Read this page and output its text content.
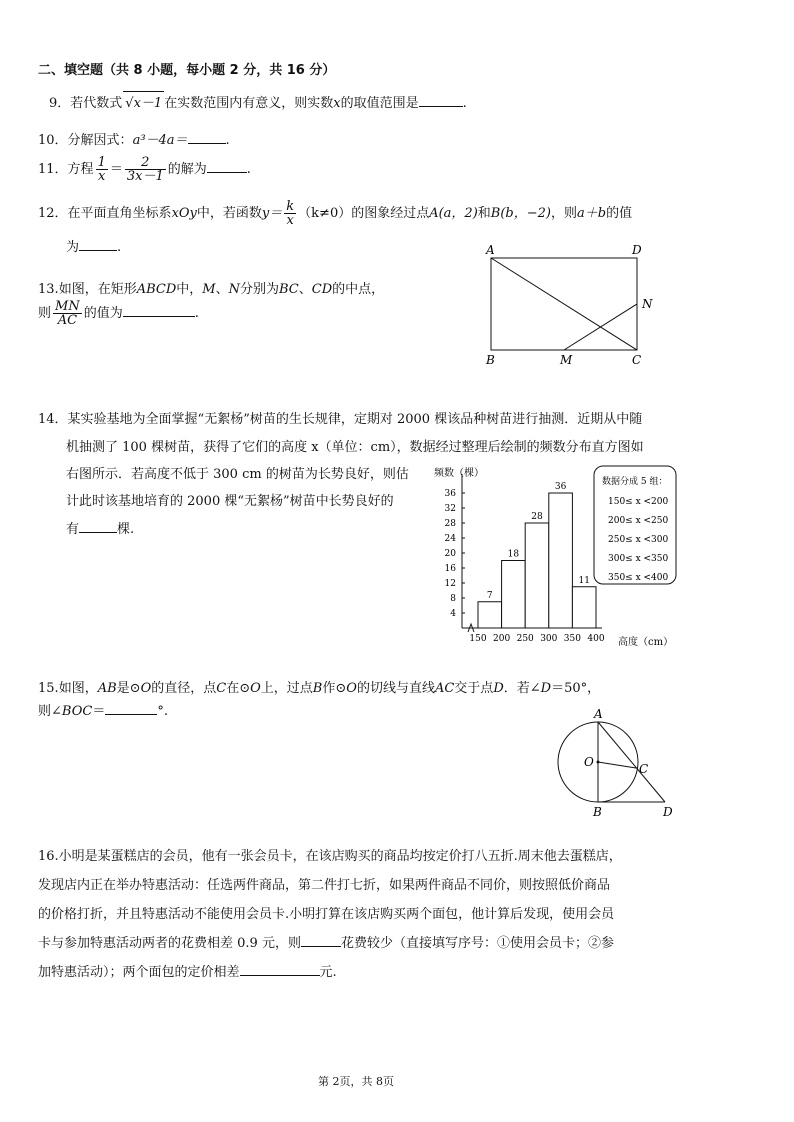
二、填空题（共 8 小题，每小题 2 分，共 16 分）
9．若代数式 √x－1 在实数范围内有意义，则实数x的取值范围是	.
10．分解因式：a³－4a＝	.
11．方程 $\frac{1}{x} = \frac{2}{3x-1}$ 的解为	.
12．在平面直角坐标系xOy中，若函数$y= \frac{k}{x} (k\ne 0)$的图象经过点A(a，2)和B(b，−2)，则a＋b的值
为	.
13.如图，在矩形ABCD中，M、N分别为BC、CD的中点，
则 $\frac{MN}{AC}$ 的值为	.
A	D
B	M	C
N
14．某实验基地为全面掌握“无絮杨”树苗的生长规律，定期对 2000 棵该品种树苗进行抽测．近期从中随
机抽测了 100 棵树苗，获得了它们的高度 x（单位：cm），数据经过整理后绘制的频数分布直方图如
右图所示．若高度不低于 300 cm 的树苗为长势良好，则估
计此时该基地培育的 2000 棵“无絮杨”树苗中长势良好的
有	棵.
频数（棵）
高度（cm）
4
8
12
16
20
24
28
32
36
150 200 250 300 350 400
7
18
28
36
11
数据分成 5 组：
150≤ x <200
200≤ x <250
250≤ x <300
300≤ x <350
350≤ x <400
15.如图，AB是⊙O的直径，点C在⊙O上，过点B作⊙O的切线与直线AC交于点D．若∠D＝50°，
则∠BOC＝	°.	A
O	C
B	D
16.小明是某蛋糕店的会员，他有一张会员卡，在该店购买的商品均按定价打八五折.周末他去蛋糕店，
发现店内正在举办特惠活动：任选两件商品，第二件打七折，如果两件商品不同价，则按照低价商品
的价格打折，并且特惠活动不能使用会员卡.小明打算在该店购买两个面包，他计算后发现，使用会员
卡与参加特惠活动两者的花费相差 0.9 元，则	花费较少（直接填写序号：①使用会员卡；②参
加特惠活动）；两个面包的定价相差	元.
第 2页，共 8页
